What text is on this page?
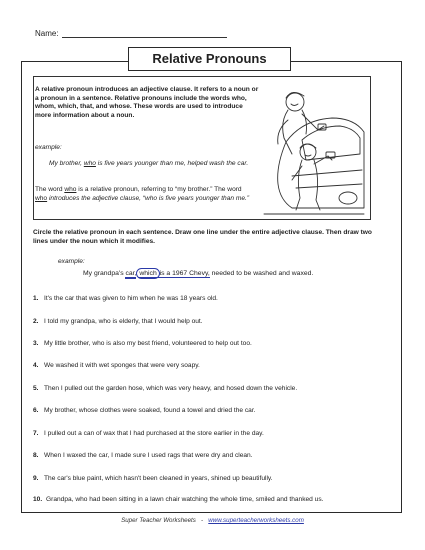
Name:
Relative Pronouns
A relative pronoun introduces an adjective clause. It refers to a noun or a pronoun in a sentence. Relative pronouns include the words who, whom, which, that, and whose. These words are used to introduce more information about a noun.
example:
My brother, who is five years younger than me, helped wash the car.
The word who is a relative pronoun, referring to “my brother.” The word who introduces the adjective clause, “who is five years younger than me.”
Circle the relative pronoun in each sentence. Draw one line under the entire adjective clause. Then draw two lines under the noun which it modifies.
example:
My grandpa's car, which is a 1967 Chevy, needed to be washed and waxed.
1. It's the car that was given to him when he was 18 years old.
2. I told my grandpa, who is elderly, that I would help out.
3. My little brother, who is also my best friend, volunteered to help out too.
4. We washed it with wet sponges that were very soapy.
5. Then I pulled out the garden hose, which was very heavy, and hosed down the vehicle.
6. My brother, whose clothes were soaked, found a towel and dried the car.
7. I pulled out a can of wax that I had purchased at the store earlier in the day.
8. When I waxed the car, I made sure I used rags that were dry and clean.
9. The car's blue paint, which hasn't been cleaned in years, shined up beautifully.
10. Grandpa, who had been sitting in a lawn chair watching the whole time, smiled and thanked us.
Super Teacher Worksheets - www.superteacherworksheets.com
